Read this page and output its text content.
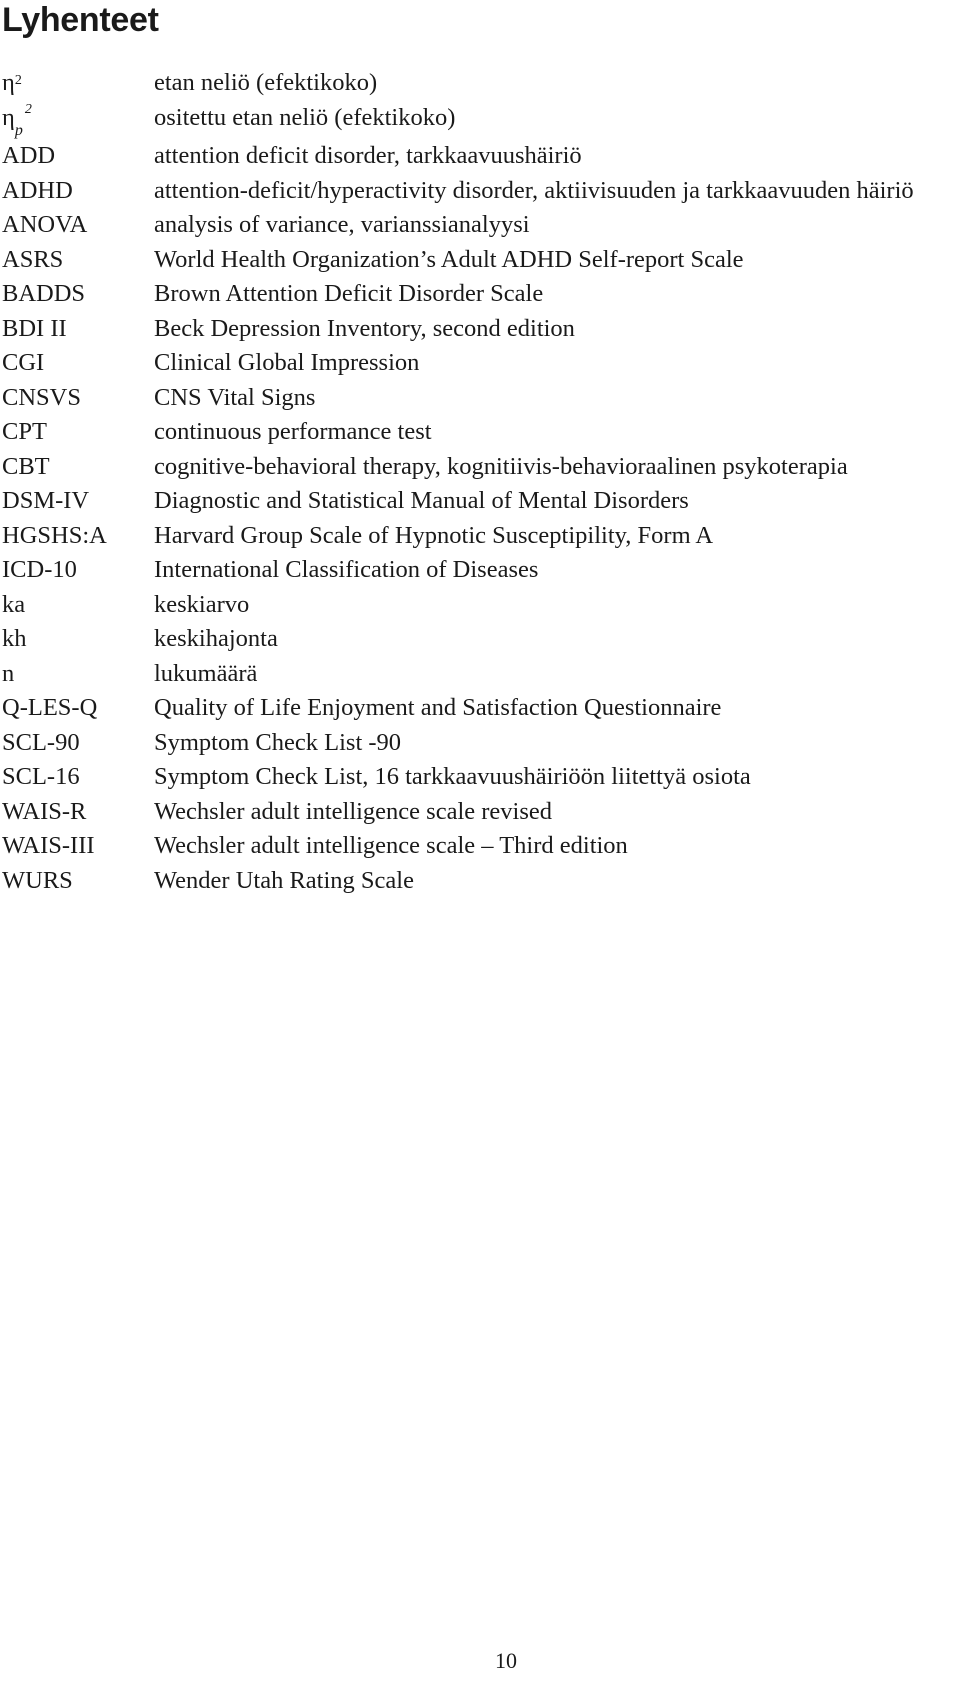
Lyhenteet
$\eta^2$	etan neliö (efektikoko)
$\eta_p^2$	ositettu etan neliö (efektikoko)
ADD	attention deficit disorder, tarkkaavuushäiriö
ADHD	attention-deficit/hyperactivity disorder, aktiivisuuden ja tarkkaavuuden häiriö
ANOVA	analysis of variance, varianssianalyysi
ASRS	World Health Organization’s Adult ADHD Self-report Scale
BADDS	Brown Attention Deficit Disorder Scale
BDI II	Beck Depression Inventory, second edition
CGI	Clinical Global Impression
CNSVS	CNS Vital Signs
CPT	continuous performance test
CBT	cognitive-behavioral therapy, kognitiivis-behavioraalinen psykoterapia
DSM-IV	Diagnostic and Statistical Manual of Mental Disorders
HGSHS:A	Harvard Group Scale of Hypnotic Susceptipility, Form A
ICD-10	International Classification of Diseases
ka	keskiarvo
kh	keskihajonta
n	lukumäärä
Q-LES-Q	Quality of Life Enjoyment and Satisfaction Questionnaire
SCL-90	Symptom Check List -90
SCL-16	Symptom Check List, 16 tarkkaavuushäiriöön liitettyä osiota
WAIS-R	Wechsler adult intelligence scale revised
WAIS-III	Wechsler adult intelligence scale – Third edition
WURS	Wender Utah Rating Scale
10
